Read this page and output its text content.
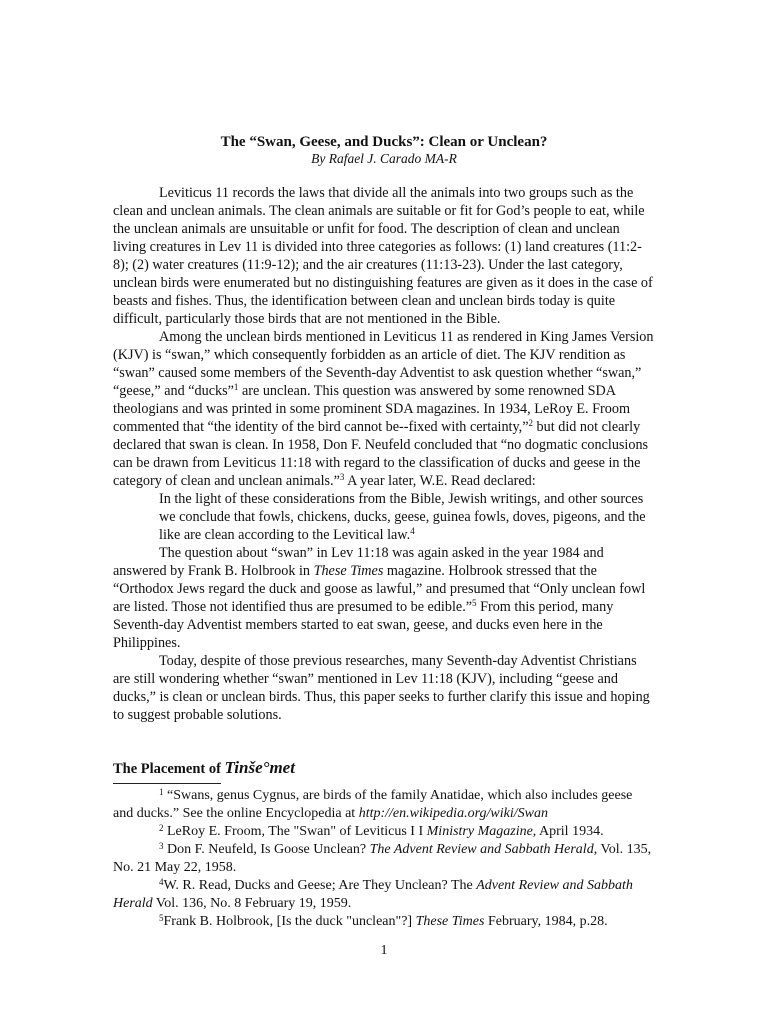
The “Swan, Geese, and Ducks”: Clean or Unclean?
By Rafael J. Carado MA-R

Leviticus 11 records the laws that divide all the animals into two groups such as the clean and unclean animals. The clean animals are suitable or fit for God’s people to eat, while the unclean animals are unsuitable or unfit for food. The description of clean and unclean living creatures in Lev 11 is divided into three categories as follows: (1) land creatures (11:2-8); (2) water creatures (11:9-12); and the air creatures (11:13-23). Under the last category, unclean birds were enumerated but no distinguishing features are given as it does in the case of beasts and fishes. Thus, the identification between clean and unclean birds today is quite difficult, particularly those birds that are not mentioned in the Bible.

Among the unclean birds mentioned in Leviticus 11 as rendered in King James Version (KJV) is “swan,” which consequently forbidden as an article of diet. The KJV rendition as “swan” caused some members of the Seventh-day Adventist to ask question whether “swan,” “geese,” and “ducks”$^1$ are unclean. This question was answered by some renowned SDA theologians and was printed in some prominent SDA magazines. In 1934, LeRoy E. Froom commented that “the identity of the bird cannot be--fixed with certainty,”$^2$ but did not clearly declared that swan is clean. In 1958, Don F. Neufeld concluded that “no dogmatic conclusions can be drawn from Leviticus 11:18 with regard to the classification of ducks and geese in the category of clean and unclean animals.”$^3$ A year later, W.E. Read declared:

In the light of these considerations from the Bible, Jewish writings, and other sources we conclude that fowls, chickens, ducks, geese, guinea fowls, doves, pigeons, and the like are clean according to the Levitical law.$^4$

The question about “swan” in Lev 11:18 was again asked in the year 1984 and answered by Frank B. Holbrook in These Times magazine. Holbrook stressed that the “Orthodox Jews regard the duck and goose as lawful,” and presumed that “Only unclean fowl are listed. Those not identified thus are presumed to be edible.”$^5$ From this period, many Seventh-day Adventist members started to eat swan, geese, and ducks even here in the Philippines.

Today, despite of those previous researches, many Seventh-day Adventist Christians are still wondering whether “swan” mentioned in Lev 11:18 (KJV), including “geese and ducks,” is clean or unclean birds. Thus, this paper seeks to further clarify this issue and hoping to suggest probable solutions.

The Placement of Tinše°met

$^1$ “Swans, genus Cygnus, are birds of the family Anatidae, which also includes geese and ducks.” See the online Encyclopedia at http://en.wikipedia.org/wiki/Swan

$^2$ LeRoy E. Froom, The "Swan" of Leviticus I I Ministry Magazine, April 1934.

$^3$ Don F. Neufeld, Is Goose Unclean? The Advent Review and Sabbath Herald, Vol. 135, No. 21 May 22, 1958.

$^4$W. R. Read, Ducks and Geese; Are They Unclean? The Advent Review and Sabbath Herald Vol. 136, No. 8 February 19, 1959.

$^5$Frank B. Holbrook, [Is the duck "unclean"?] These Times February, 1984, p.28.

1
